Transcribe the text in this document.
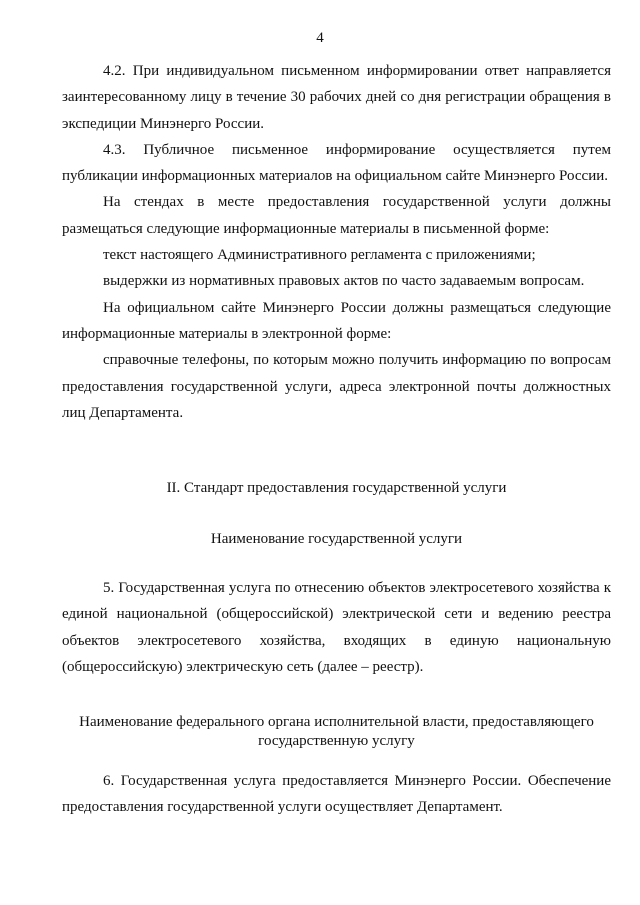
4

4.2. При индивидуальном письменном информировании ответ направляется заинтересованному лицу в течение 30 рабочих дней со дня регистрации обращения в экспедиции Минэнерго России.

4.3. Публичное письменное информирование осуществляется путем публикации информационных материалов на официальном сайте Минэнерго России.

На стендах в месте предоставления государственной услуги должны размещаться следующие информационные материалы в письменной форме:

текст настоящего Административного регламента с приложениями;

выдержки из нормативных правовых актов по часто задаваемым вопросам.

На официальном сайте Минэнерго России должны размещаться следующие информационные материалы в электронной форме:

справочные телефоны, по которым можно получить информацию по вопросам предоставления государственной услуги, адреса электронной почты должностных лиц Департамента.

II. Стандарт предоставления государственной услуги
Наименование государственной услуги

5. Государственная услуга по отнесению объектов электросетевого хозяйства к единой национальной (общероссийской) электрической сети и ведению реестра объектов электросетевого хозяйства, входящих в единую национальную (общероссийскую) электрическую сеть (далее – реестр).

Наименование федерального органа исполнительной власти, предоставляющего
государственную услугу

6. Государственная услуга предоставляется Минэнерго России. Обеспечение предоставления государственной услуги осуществляет Департамент.
